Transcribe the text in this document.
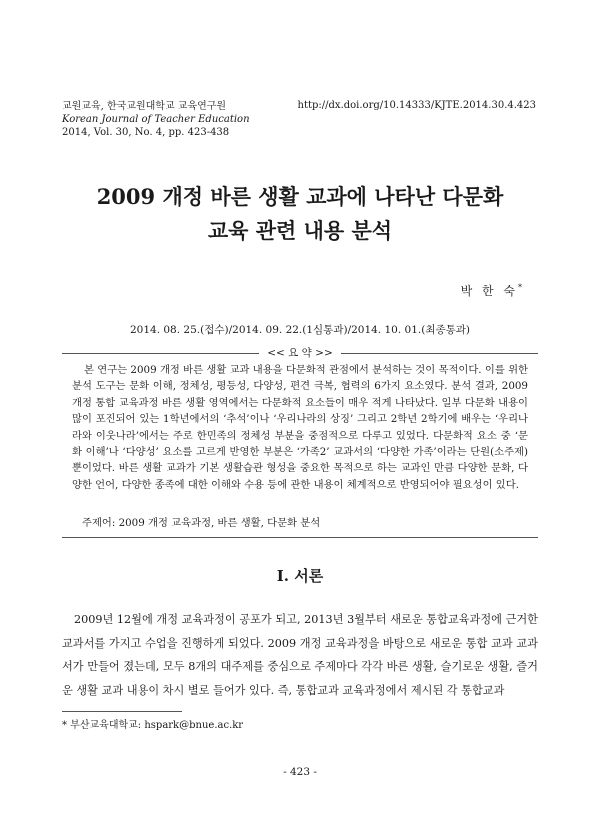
교원교육, 한국교원대학교 교육연구원
Korean Journal of Teacher Education
2014, Vol. 30, No. 4, pp. 423-438
http://dx.doi.org/10.14333/KJTE.2014.30.4.423
2009 개정 바른 생활 교과에 나타난 다문화
교육 관련 내용 분석
박 한 숙*
2014. 08. 25.(접수)/2014. 09. 22.(1심통과)/2014. 10. 01.(최종통과)
<< 요 약 >>
본 연구는 2009 개정 바른 생활 교과 내용을 다문화적 관점에서 분석하는 것이 목적이다. 이를 위한 분석 도구는 문화 이해, 정체성, 평등성, 다양성, 편견 극복, 협력의 6가지 요소였다. 분석 결과, 2009 개정 통합 교육과정 바른 생활 영역에서는 다문화적 요소들이 매우 적게 나타났다. 일부 다문화 내용이 많이 포진되어 있는 1학년에서의 ‘추석’이나 ‘우리나라의 상징’ 그리고 2학년 2학기에 배우는 ‘우리나라와 이웃나라’에서는 주로 한민족의 정체성 부분을 중점적으로 다루고 있었다. 다문화적 요소 중 ‘문화 이해’나 ‘다양성’ 요소를 고르게 반영한 부분은 ‘가족2’ 교과서의 ‘다양한 가족’이라는 단원(소주제) 뿐이었다. 바른 생활 교과가 기본 생활습관 형성을 중요한 목적으로 하는 교과인 만큼 다양한 문화, 다양한 언어, 다양한 종족에 대한 이해와 수용 등에 관한 내용이 체계적으로 반영되어야 필요성이 있다.
주제어: 2009 개정 교육과정, 바른 생활, 다문화 분석
I. 서론
2009년 12월에 개정 교육과정이 공포가 되고, 2013년 3월부터 새로운 통합교육과정에 근거한 교과서를 가지고 수업을 진행하게 되었다. 2009 개정 교육과정을 바탕으로 새로운 통합 교과 교과서가 만들어 졌는데, 모두 8개의 대주제를 중심으로 주제마다 각각 바른 생활, 슬기로운 생활, 즐거운 생활 교과 내용이 차시 별로 들어가 있다. 즉, 통합교과 교육과정에서 제시된 각 통합교과
* 부산교육대학교: hspark@bnue.ac.kr
- 423 -
